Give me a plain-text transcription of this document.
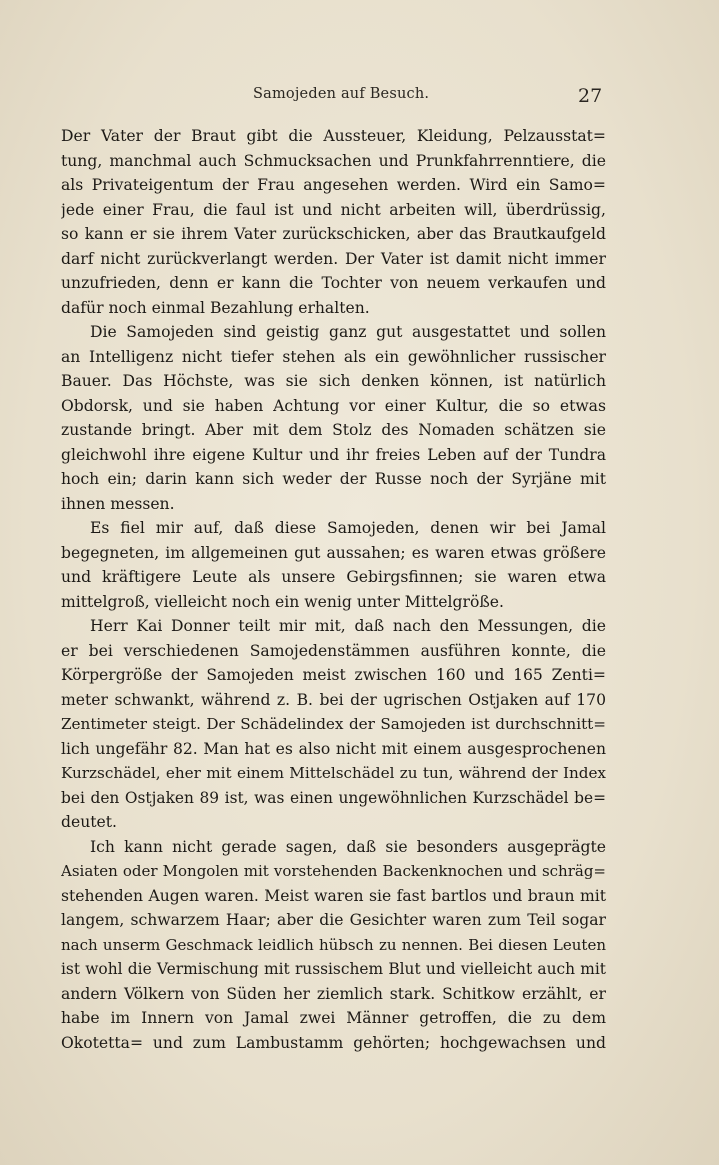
Samojeden auf Besuch.	27
Der Vater der Braut gibt die Aussteuer, Kleidung, Pelzausstat=
tung, manchmal auch Schmucksachen und Prunkfahrrenntiere, die
als Privateigentum der Frau angesehen werden. Wird ein Samo=
jede einer Frau, die faul ist und nicht arbeiten will, überdrüssig,
so kann er sie ihrem Vater zurückschicken, aber das Brautkaufgeld
darf nicht zurückverlangt werden. Der Vater ist damit nicht immer
unzufrieden, denn er kann die Tochter von neuem verkaufen und
dafür noch einmal Bezahlung erhalten.
Die Samojeden sind geistig ganz gut ausgestattet und sollen
an Intelligenz nicht tiefer stehen als ein gewöhnlicher russischer
Bauer. Das Höchste, was sie sich denken können, ist natürlich
Obdorsk, und sie haben Achtung vor einer Kultur, die so etwas
zustande bringt. Aber mit dem Stolz des Nomaden schätzen sie
gleichwohl ihre eigene Kultur und ihr freies Leben auf der Tundra
hoch ein; darin kann sich weder der Russe noch der Syrjäne mit
ihnen messen.
Es fiel mir auf, daß diese Samojeden, denen wir bei Jamal
begegneten, im allgemeinen gut aussahen; es waren etwas größere
und kräftigere Leute als unsere Gebirgsfinnen; sie waren etwa
mittelgroß, vielleicht noch ein wenig unter Mittelgröße.
Herr Kai Donner teilt mir mit, daß nach den Messungen, die
er bei verschiedenen Samojedenstämmen ausführen konnte, die
Körpergröße der Samojeden meist zwischen 160 und 165 Zenti=
meter schwankt, während z. B. bei der ugrischen Ostjaken auf 170
Zentimeter steigt. Der Schädelindex der Samojeden ist durchschnitt=
lich ungefähr 82. Man hat es also nicht mit einem ausgesprochenen
Kurzschädel, eher mit einem Mittelschädel zu tun, während der Index
bei den Ostjaken 89 ist, was einen ungewöhnlichen Kurzschädel be=
deutet.
Ich kann nicht gerade sagen, daß sie besonders ausgeprägte
Asiaten oder Mongolen mit vorstehenden Backenknochen und schräg=
stehenden Augen waren. Meist waren sie fast bartlos und braun mit
langem, schwarzem Haar; aber die Gesichter waren zum Teil sogar
nach unserm Geschmack leidlich hübsch zu nennen. Bei diesen Leuten
ist wohl die Vermischung mit russischem Blut und vielleicht auch mit
andern Völkern von Süden her ziemlich stark. Schitkow erzählt, er
habe im Innern von Jamal zwei Männer getroffen, die zu dem
Okotetta= und zum Lambustamm gehörten; hochgewachsen und
